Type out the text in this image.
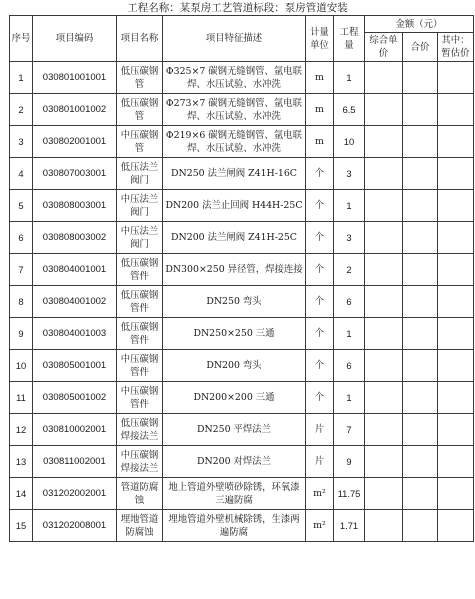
工程名称：某泵房工艺管道标段：泵房管道安装
序号	项目编码	项目名称	项目特征描述	计量单位	工程量	金额（元）		
						综合单价	合价	其中：暂估价
1	030801001001	低压碳钢管	Φ325×7 碳钢无缝钢管、氩电联焊、水压试验、水冲洗	m	1			
2	030801001002	低压碳钢管	Φ273×7 碳钢无缝钢管、氩电联焊、水压试验、水冲洗	m	6.5			
3	030802001001	中压碳钢管	Φ219×6 碳钢无缝钢管、氩电联焊、水压试验、水冲洗	m	10			
4	030807003001	低压法兰阀门	DN250 法兰闸阀 Z41H-16C	个	3			
5	030808003001	中压法兰阀门	DN200 法兰止回阀 H44H-25C	个	1			
6	030808003002	中压法兰阀门	DN200 法兰闸阀 Z41H-25C	个	3			
7	030804001001	低压碳钢管件	DN300×250 异径管，焊接连接	个	2			
8	030804001002	低压碳钢管件	DN250 弯头	个	6			
9	030804001003	低压碳钢管件	DN250×250 三通	个	1			
10	030805001001	中压碳钢管件	DN200 弯头	个	6			
11	030805001002	中压碳钢管件	DN200×200 三通	个	1			
12	030810002001	低压碳钢焊接法兰	DN250 平焊法兰	片	7			
13	030811002001	中压碳钢焊接法兰	DN200 对焊法兰	片	9			
14	031202002001	管道防腐蚀	地上管道外壁喷砂除锈，环氧漆三遍防腐	m²	11.75			
15	031202008001	埋地管道防腐蚀	埋地管道外壁机械除锈，生漆两遍防腐	m²	1.71			
